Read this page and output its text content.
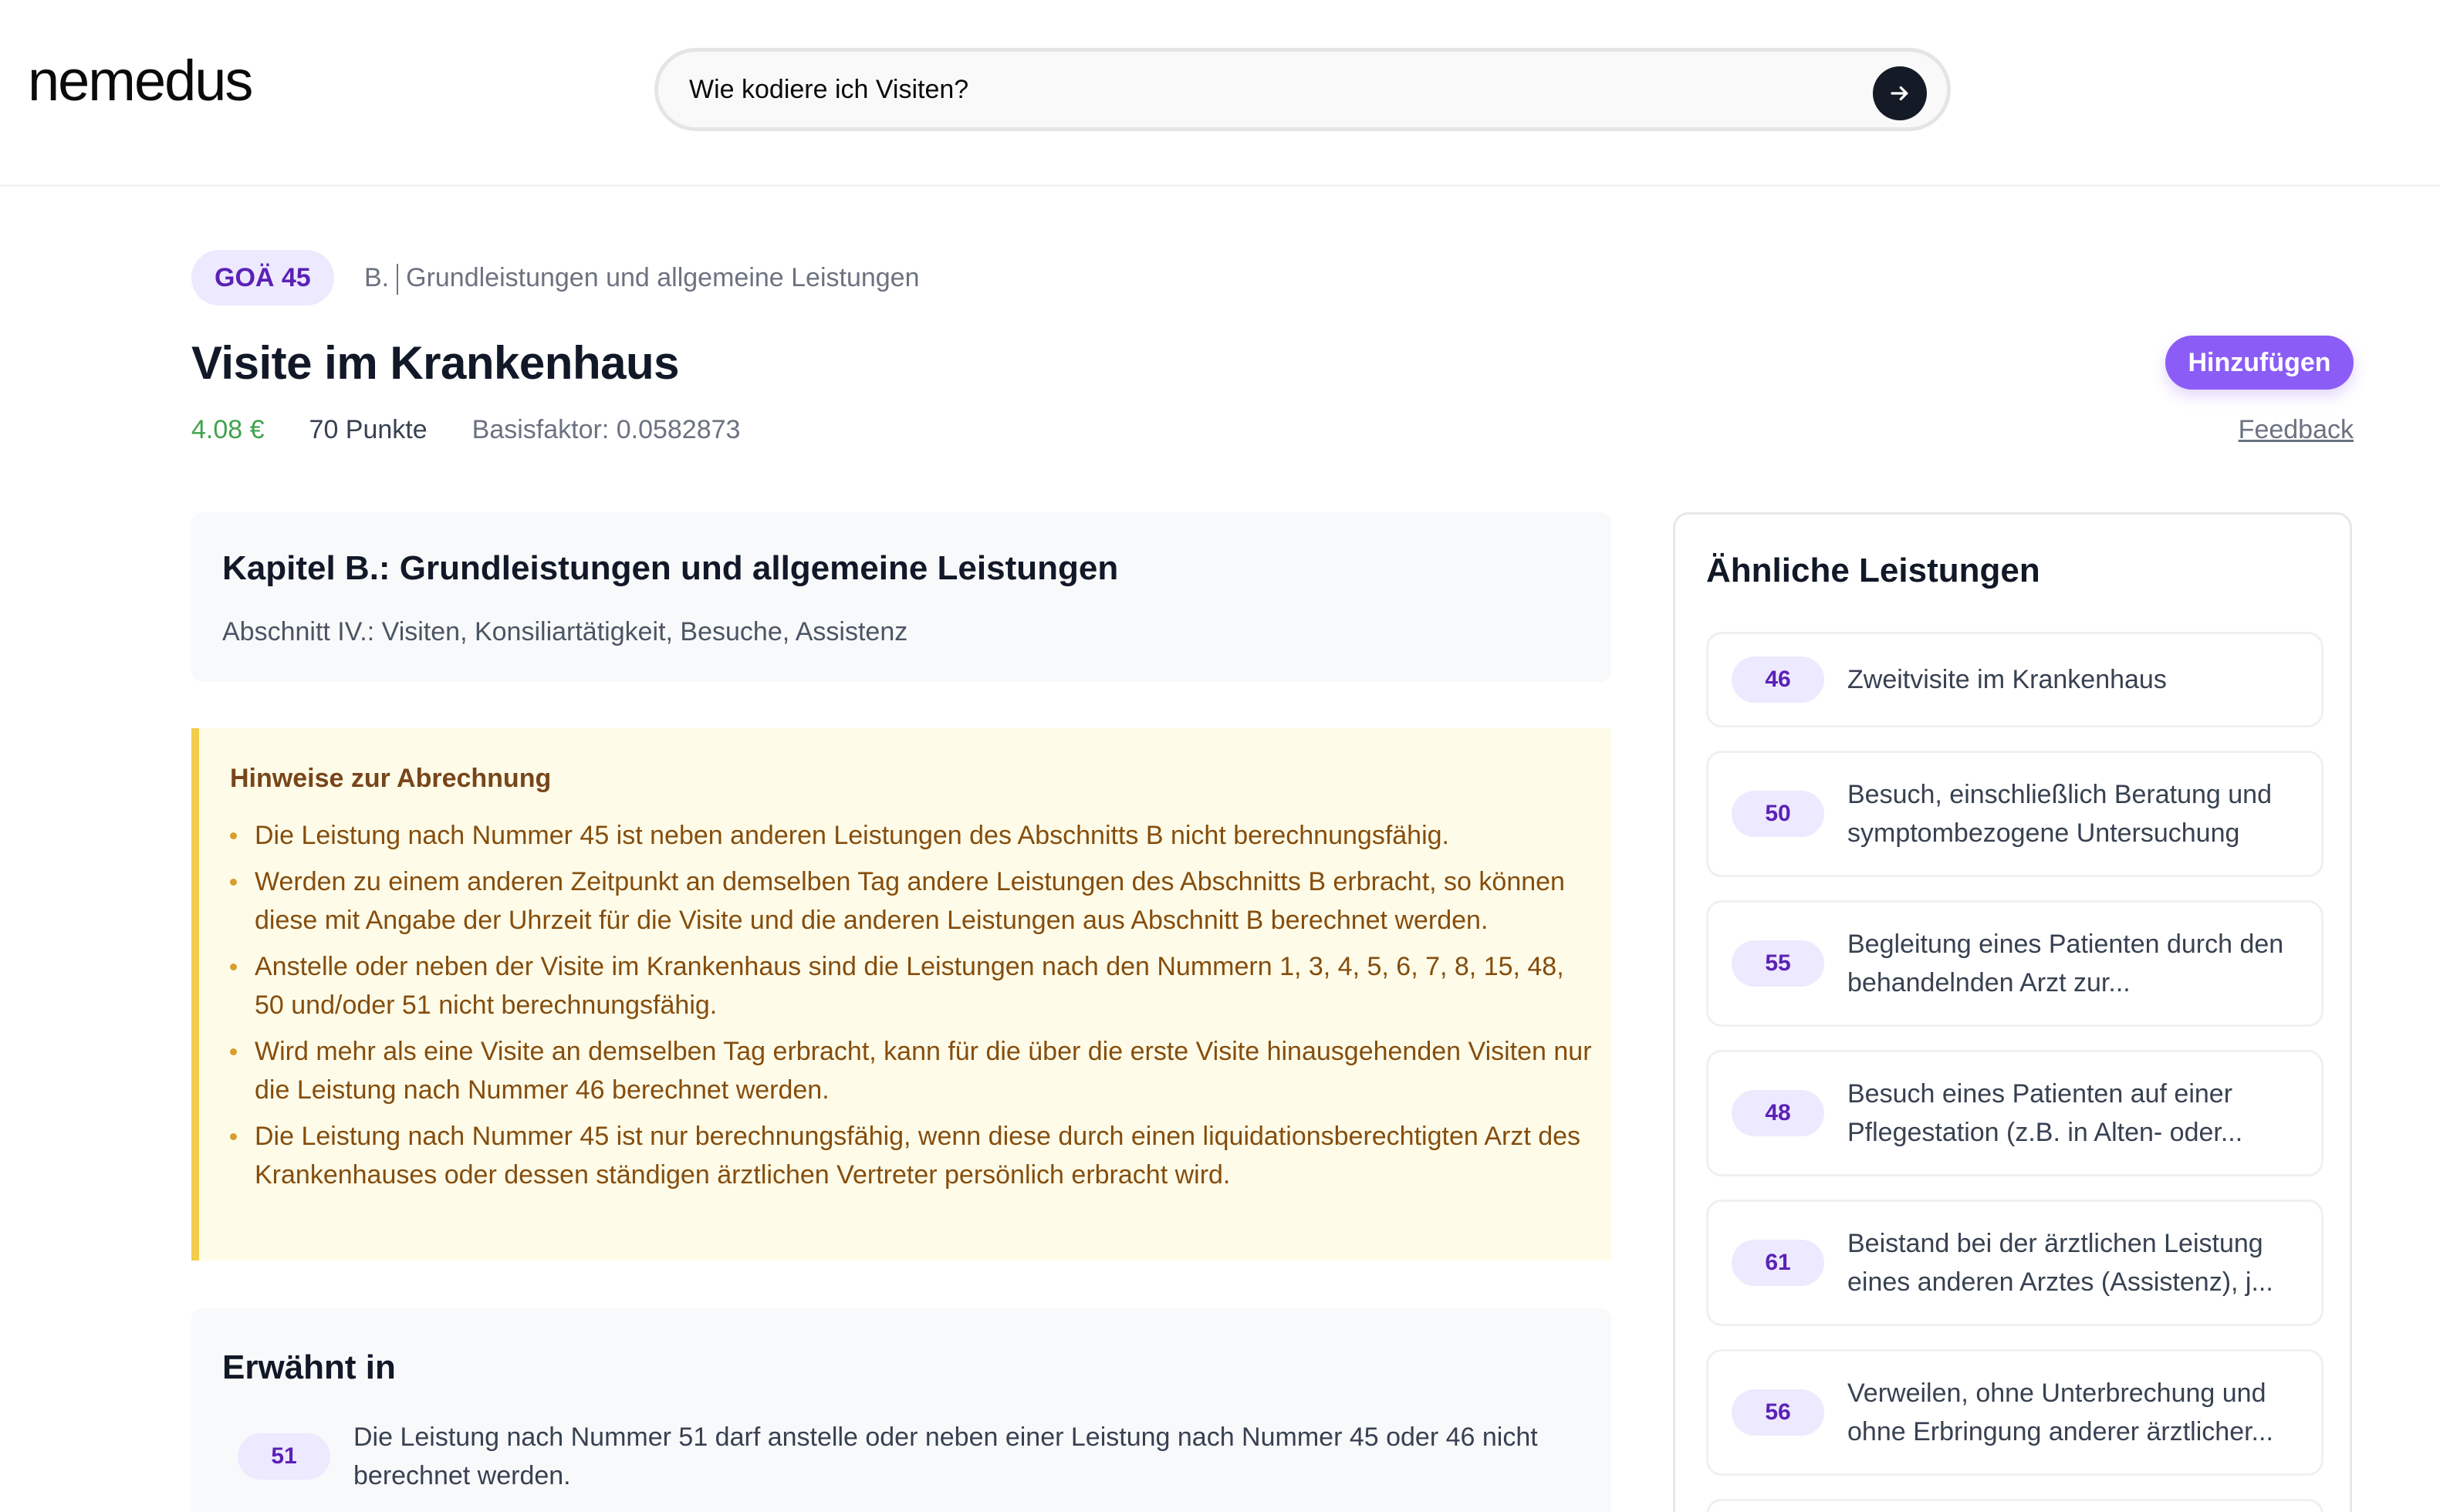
nemedus
Wie kodiere ich Visiten?
GOÄ 45	B. Grundleistungen und allgemeine Leistungen
Visite im Krankenhaus
4.08 € 70 Punkte Basisfaktor: 0.0582873
Hinzufügen
Feedback
Kapitel B.: Grundleistungen und allgemeine Leistungen
Abschnitt IV.: Visiten, Konsiliartätigkeit, Besuche, Assistenz
Hinweise zur Abrechnung
Die Leistung nach Nummer 45 ist neben anderen Leistungen des Abschnitts B nicht berechnungsfähig.
Werden zu einem anderen Zeitpunkt an demselben Tag andere Leistungen des Abschnitts B erbracht, so können diese mit Angabe der Uhrzeit für die Visite und die anderen Leistungen aus Abschnitt B berechnet werden.
Anstelle oder neben der Visite im Krankenhaus sind die Leistungen nach den Nummern 1, 3, 4, 5, 6, 7, 8, 15, 48, 50 und/oder 51 nicht berechnungsfähig.
Wird mehr als eine Visite an demselben Tag erbracht, kann für die über die erste Visite hinausgehenden Visiten nur die Leistung nach Nummer 46 berechnet werden.
Die Leistung nach Nummer 45 ist nur berechnungsfähig, wenn diese durch einen liquidationsberechtigten Arzt des Krankenhauses oder dessen ständigen ärztlichen Vertreter persönlich erbracht wird.
Erwähnt in
51
Die Leistung nach Nummer 51 darf anstelle oder neben einer Leistung nach Nummer 45 oder 46 nicht berechnet werden.
Ähnliche Leistungen
46	Zweitvisite im Krankenhaus
50
Besuch, einschließlich Beratung und symptombezogene Untersuchung
55
Begleitung eines Patienten durch den behandelnden Arzt zur...
48
Besuch eines Patienten auf einer Pflegestation (z.B. in Alten- oder...
61
Beistand bei der ärztlichen Leistung eines anderen Arztes (Assistenz), j...
56
Verweilen, ohne Unterbrechung und ohne Erbringung anderer ärztlicher...
